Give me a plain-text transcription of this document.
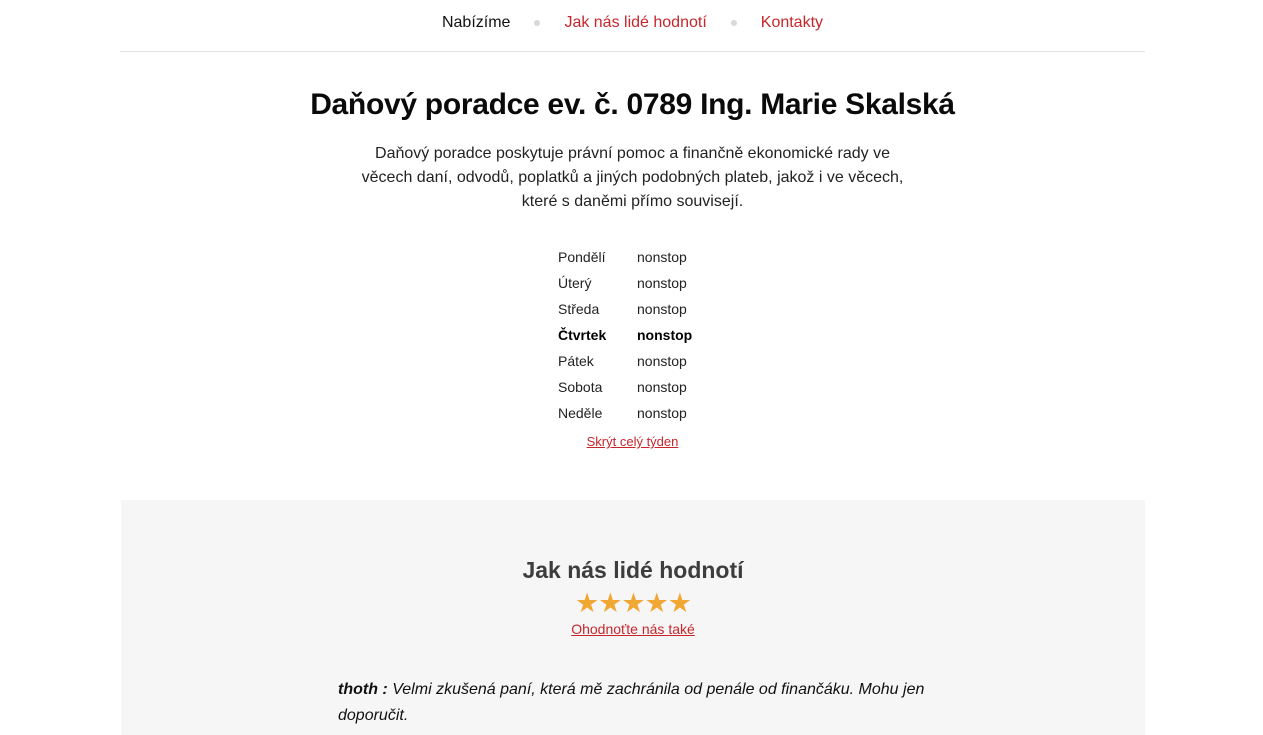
Nabízíme	Jak nás lidé hodnotí	Kontakty
Daňový poradce ev. č. 0789 Ing. Marie Skalská

Daňový poradce poskytuje právní pomoc a finančně ekonomické rady ve věcech daní, odvodů, poplatků a jiných podobných plateb, jakož i ve věcech, které s daněmi přímo souvisejí.

Pondělí	nonstop
Úterý	nonstop
Středa	nonstop
Čtvrtek	nonstop
Pátek	nonstop
Sobota	nonstop
Neděle	nonstop
Skrýt celý týden
Jak nás lidé hodnotí
★★★★★
Ohodnoťte nás také
thoth : Velmi zkušená paní, která mě zachránila od penále od finančáku. Mohu jen doporučit.
